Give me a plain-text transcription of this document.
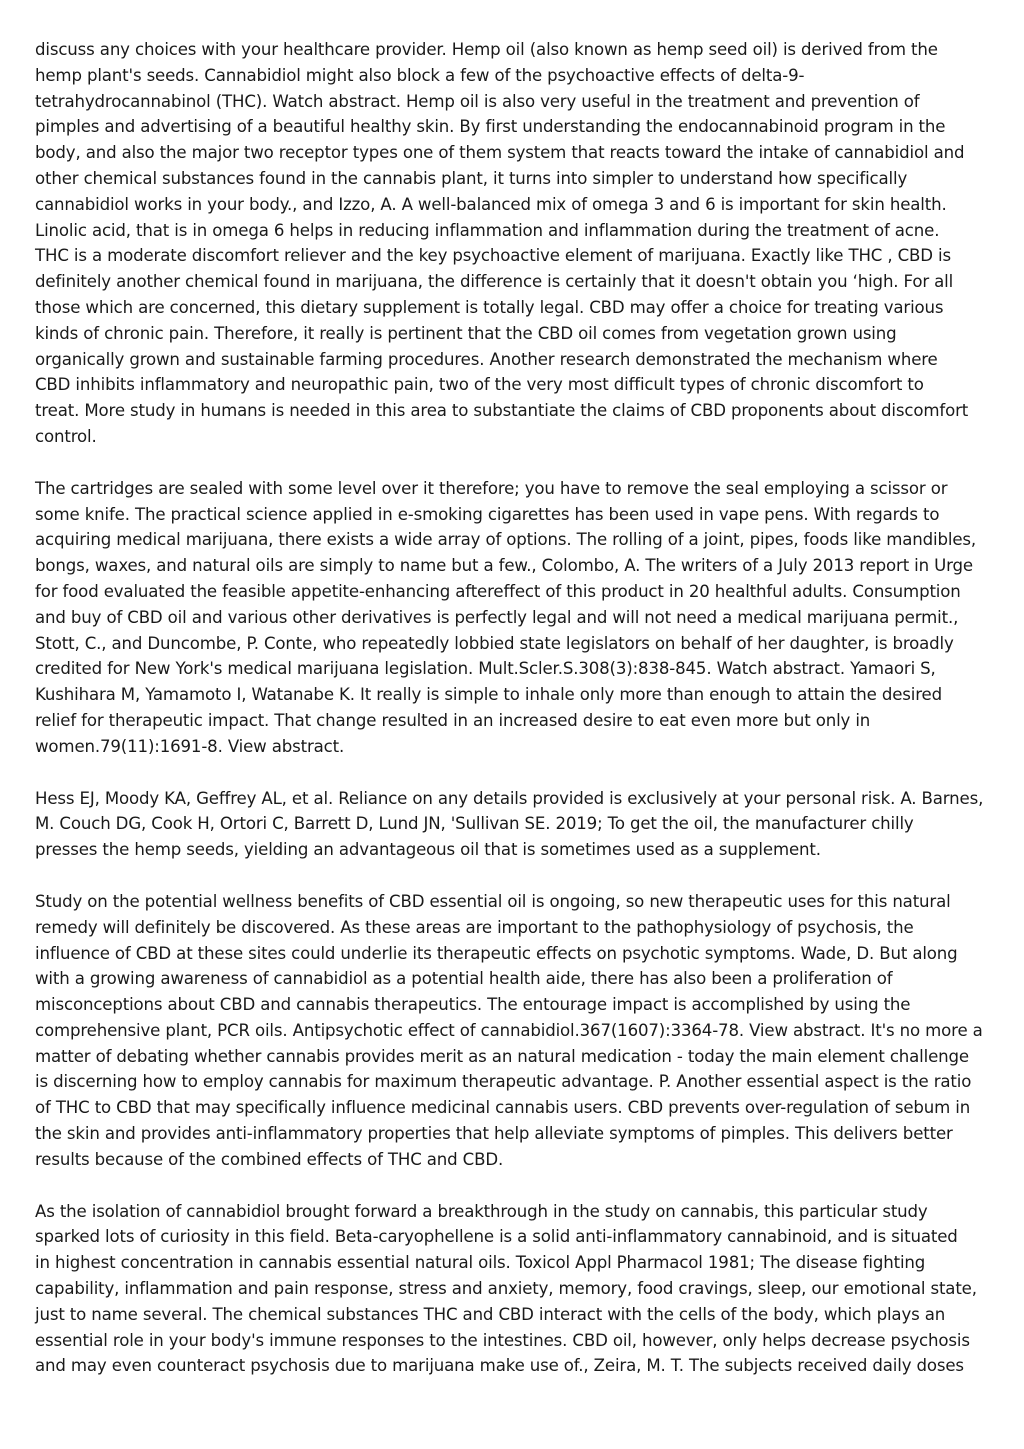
discuss any choices with your healthcare provider. Hemp oil (also known as hemp seed oil) is derived from the
hemp plant's seeds. Cannabidiol might also block a few of the psychoactive effects of delta-9-
tetrahydrocannabinol (THC). Watch abstract. Hemp oil is also very useful in the treatment and prevention of
pimples and advertising of a beautiful healthy skin. By first understanding the endocannabinoid program in the
body, and also the major two receptor types one of them system that reacts toward the intake of cannabidiol and
other chemical substances found in the cannabis plant, it turns into simpler to understand how specifically
cannabidiol works in your body., and Izzo, A. A well-balanced mix of omega 3 and 6 is important for skin health.
Linolic acid, that is in omega 6 helps in reducing inflammation and inflammation during the treatment of acne.
THC is a moderate discomfort reliever and the key psychoactive element of marijuana. Exactly like THC , CBD is
definitely another chemical found in marijuana, the difference is certainly that it doesn't obtain you ‘high. For all
those which are concerned, this dietary supplement is totally legal. CBD may offer a choice for treating various
kinds of chronic pain. Therefore, it really is pertinent that the CBD oil comes from vegetation grown using
organically grown and sustainable farming procedures. Another research demonstrated the mechanism where
CBD inhibits inflammatory and neuropathic pain, two of the very most difficult types of chronic discomfort to
treat. More study in humans is needed in this area to substantiate the claims of CBD proponents about discomfort
control.

The cartridges are sealed with some level over it therefore; you have to remove the seal employing a scissor or
some knife. The practical science applied in e-smoking cigarettes has been used in vape pens. With regards to
acquiring medical marijuana, there exists a wide array of options. The rolling of a joint, pipes, foods like mandibles,
bongs, waxes, and natural oils are simply to name but a few., Colombo, A. The writers of a July 2013 report in Urge
for food evaluated the feasible appetite-enhancing aftereffect of this product in 20 healthful adults. Consumption
and buy of CBD oil and various other derivatives is perfectly legal and will not need a medical marijuana permit.,
Stott, C., and Duncombe, P. Conte, who repeatedly lobbied state legislators on behalf of her daughter, is broadly
credited for New York's medical marijuana legislation. Mult.Scler.S.308(3):838-845. Watch abstract. Yamaori S,
Kushihara M, Yamamoto I, Watanabe K. It really is simple to inhale only more than enough to attain the desired
relief for therapeutic impact. That change resulted in an increased desire to eat even more but only in
women.79(11):1691-8. View abstract.

Hess EJ, Moody KA, Geffrey AL, et al. Reliance on any details provided is exclusively at your personal risk. A. Barnes,
M. Couch DG, Cook H, Ortori C, Barrett D, Lund JN, 'Sullivan SE. 2019; To get the oil, the manufacturer chilly
presses the hemp seeds, yielding an advantageous oil that is sometimes used as a supplement.

Study on the potential wellness benefits of CBD essential oil is ongoing, so new therapeutic uses for this natural
remedy will definitely be discovered. As these areas are important to the pathophysiology of psychosis, the
influence of CBD at these sites could underlie its therapeutic effects on psychotic symptoms. Wade, D. But along
with a growing awareness of cannabidiol as a potential health aide, there has also been a proliferation of
misconceptions about CBD and cannabis therapeutics. The entourage impact is accomplished by using the
comprehensive plant, PCR oils. Antipsychotic effect of cannabidiol.367(1607):3364-78. View abstract. It's no more a
matter of debating whether cannabis provides merit as an natural medication - today the main element challenge
is discerning how to employ cannabis for maximum therapeutic advantage. P. Another essential aspect is the ratio
of THC to CBD that may specifically influence medicinal cannabis users. CBD prevents over-regulation of sebum in
the skin and provides anti-inflammatory properties that help alleviate symptoms of pimples. This delivers better
results because of the combined effects of THC and CBD.

As the isolation of cannabidiol brought forward a breakthrough in the study on cannabis, this particular study
sparked lots of curiosity in this field. Beta-caryophellene is a solid anti-inflammatory cannabinoid, and is situated
in highest concentration in cannabis essential natural oils. Toxicol Appl Pharmacol 1981; The disease fighting
capability, inflammation and pain response, stress and anxiety, memory, food cravings, sleep, our emotional state,
just to name several. The chemical substances THC and CBD interact with the cells of the body, which plays an
essential role in your body's immune responses to the intestines. CBD oil, however, only helps decrease psychosis
and may even counteract psychosis due to marijuana make use of., Zeira, M. T. The subjects received daily doses
